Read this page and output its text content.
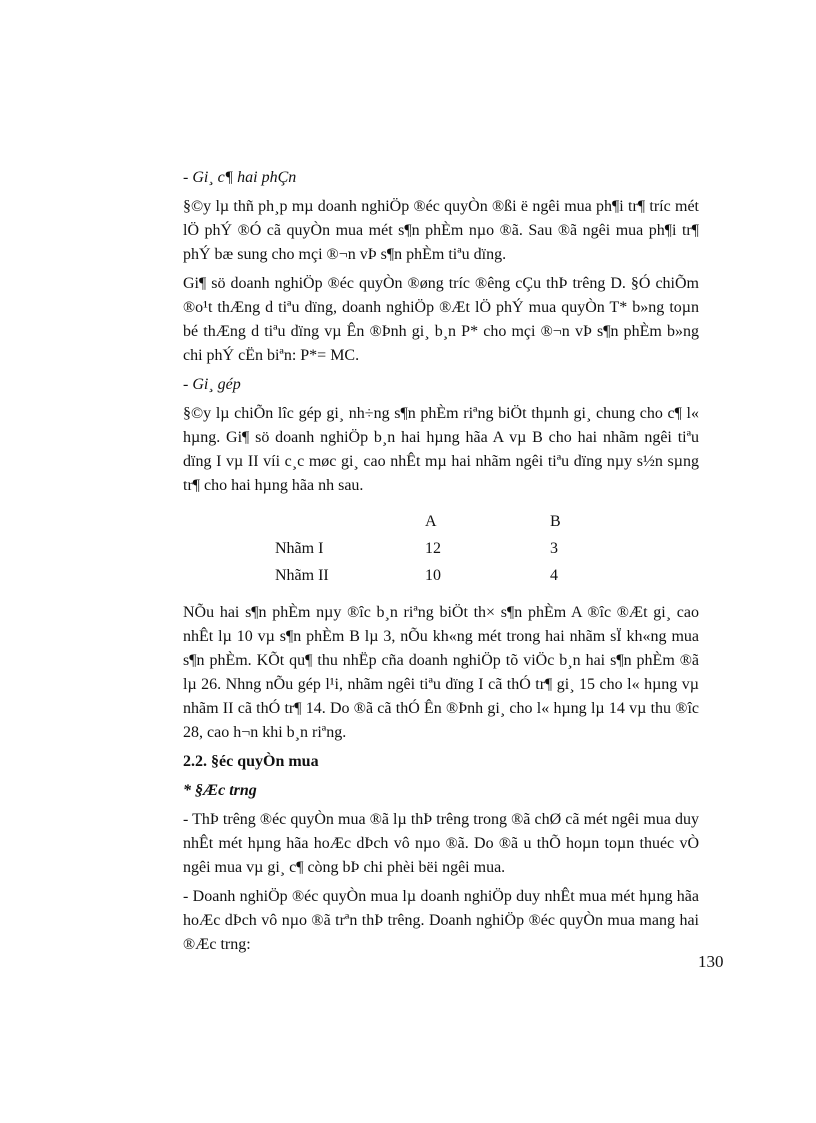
- Gi¸ c¶ hai phÇn

§©y lµ thñ ph¸p mµ doanh nghiÖp ®éc quyÒn ®ßi ë ngêi mua ph¶i tr¶ tríc mét lÖ phÝ ®Ó cã quyÒn mua mét s¶n phÈm nµo ®ã. Sau ®ã ngêi mua ph¶i tr¶ phÝ bæ sung cho mçi ®¬n vÞ s¶n phÈm tiªu dïng.

Gi¶ sö doanh nghiÖp ®éc quyÒn ®øng tríc ®êng cÇu thÞ trêng D. §Ó chiÕm ®o¹t thÆng d tiªu dïng, doanh nghiÖp ®Æt lÖ phÝ mua quyÒn T* b»ng toµn bé thÆng d tiªu dïng vµ Ên ®Þnh gi¸ b¸n P* cho mçi ®¬n vÞ s¶n phÈm b»ng chi phÝ cËn biªn: P*= MC.

- Gi¸ gép

§©y lµ chiÕn lîc gép gi¸ nh÷ng s¶n phÈm riªng biÖt thµnh gi¸ chung cho c¶ l« hµng. Gi¶ sö doanh nghiÖp b¸n hai hµng hãa A vµ B cho hai nhãm ngêi tiªu dïng I vµ II víi c¸c møc gi¸ cao nhÊt mµ hai nhãm ngêi tiªu dïng nµy s½n sµng tr¶ cho hai hµng hãa nh sau.

	A	B
Nhãm I	12	3
Nhãm II	10	4

NÕu hai s¶n phÈm nµy ®îc b¸n riªng biÖt th× s¶n phÈm A ®îc ®Æt gi¸ cao nhÊt lµ 10 vµ s¶n phÈm B lµ 3, nÕu kh«ng mét trong hai nhãm sÏ kh«ng mua s¶n phÈm. KÕt qu¶ thu nhËp cña doanh nghiÖp tõ viÖc b¸n hai s¶n phÈm ®ã lµ 26. Nhng nÕu gép l¹i, nhãm ngêi tiªu dïng I cã thÓ tr¶ gi¸ 15 cho l« hµng vµ nhãm II cã thÓ tr¶ 14. Do ®ã cã thÓ Ên ®Þnh gi¸ cho l« hµng lµ 14 vµ thu ®îc 28, cao h¬n khi b¸n riªng.

2.2. §éc quyÒn mua

* §Æc trng

- ThÞ trêng ®éc quyÒn mua ®ã lµ thÞ trêng trong ®ã chØ cã mét ngêi mua duy nhÊt mét hµng hãa hoÆc dÞch vô nµo ®ã. Do ®ã u thÕ hoµn toµn thuéc vÒ ngêi mua vµ gi¸ c¶ còng bÞ chi phèi bëi ngêi mua.

- Doanh nghiÖp ®éc quyÒn mua lµ doanh nghiÖp duy nhÊt mua mét hµng hãa hoÆc dÞch vô nµo ®ã trªn thÞ trêng. Doanh nghiÖp ®éc quyÒn mua mang hai ®Æc trng:

130
